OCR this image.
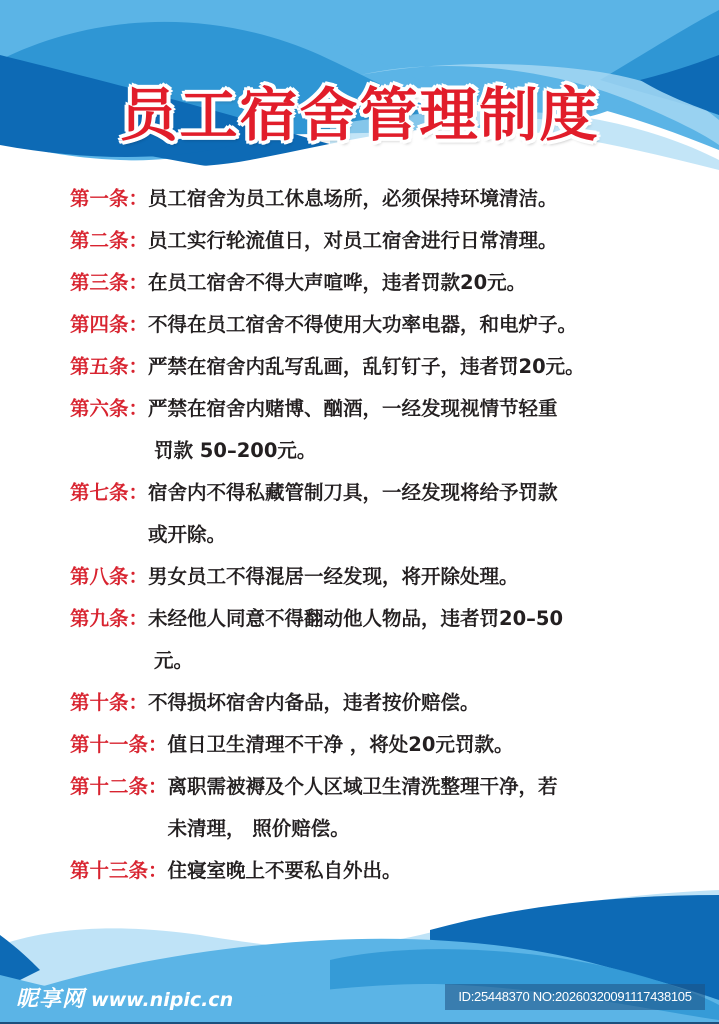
员工宿舍管理制度
第一条： 员工宿舍为员工休息场所，必须保持环境清洁。
第二条： 员工实行轮流值日，对员工宿舍进行日常清理。
第三条： 在员工宿舍不得大声喧哗，违者罚款20元。
第四条： 不得在员工宿舍不得使用大功率电器，和电炉子。
第五条： 严禁在宿舍内乱写乱画，乱钉钉子，违者罚20元。
第六条： 严禁在宿舍内赌博、酗酒，一经发现视情节轻重
罚款 50–200元。
第七条： 宿舍内不得私藏管制刀具，一经发现将给予罚款
或开除。
第八条： 男女员工不得混居一经发现，将开除处理。
第九条： 未经他人同意不得翻动他人物品，违者罚20–50
元。
第十条： 不得损坏宿舍内备品，违者按价赔偿。
第十一条： 值日卫生清理不干净 ，将处20元罚款。
第十二条： 离职需被褥及个人区域卫生清洗整理干净，若
未清理， 照价赔偿。
第十三条： 住寝室晚上不要私自外出。
昵享网 www.nipic.cn	ID:25448370 NO:20260320091117438105
